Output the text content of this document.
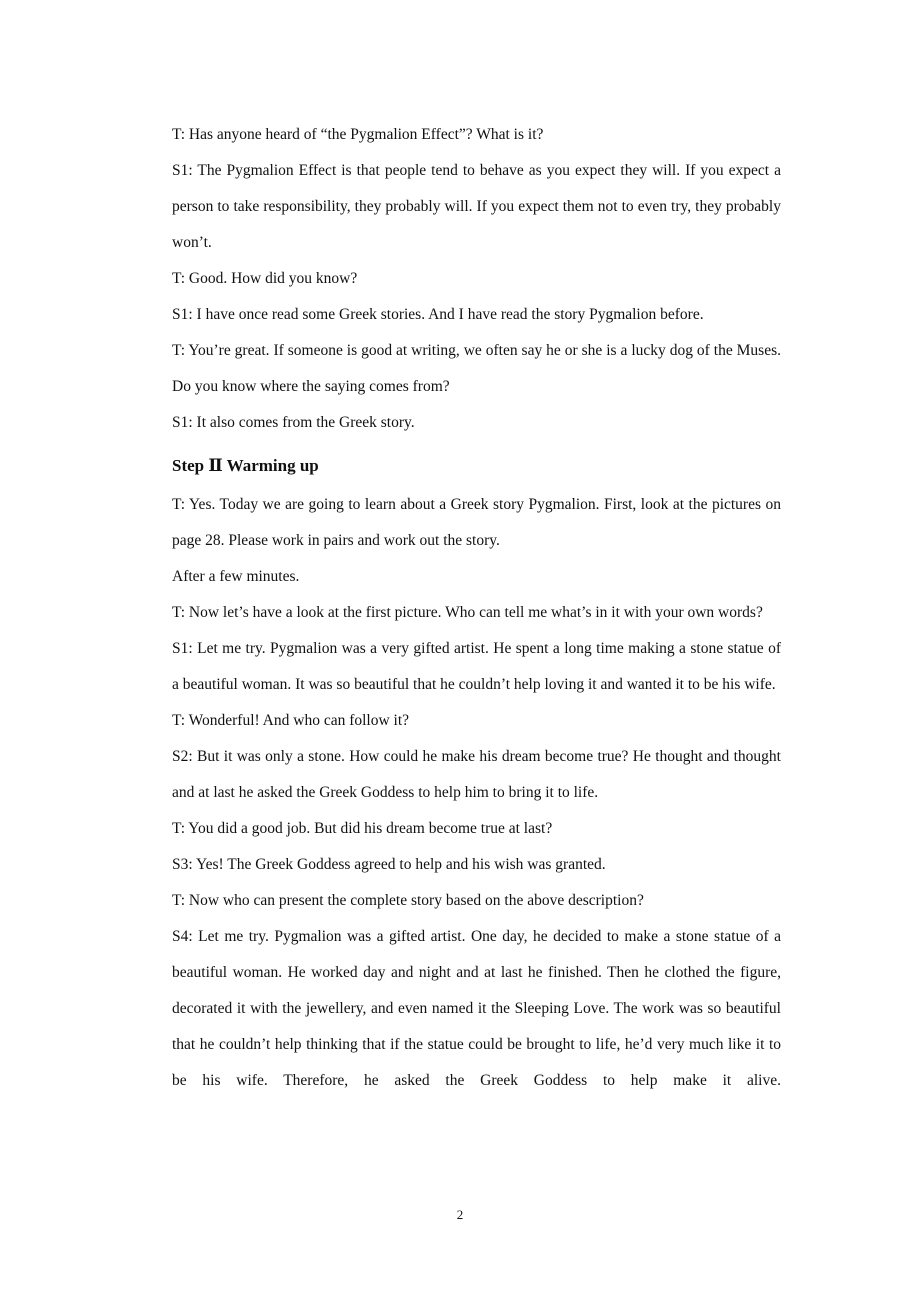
T: Has anyone heard of “the Pygmalion Effect”? What is it?

S1: The Pygmalion Effect is that people tend to behave as you expect they will. If you expect a person to take responsibility, they probably will. If you expect them not to even try, they probably won’t.

T: Good. How did you know?

S1: I have once read some Greek stories. And I have read the story Pygmalion before.

T: You’re great. If someone is good at writing, we often say he or she is a lucky dog of the Muses. Do you know where the saying comes from?

S1: It also comes from the Greek story.

Step Ⅱ Warming up

T: Yes. Today we are going to learn about a Greek story Pygmalion. First, look at the pictures on page 28. Please work in pairs and work out the story.

After a few minutes.

T: Now let’s have a look at the first picture. Who can tell me what’s in it with your own words?

S1: Let me try. Pygmalion was a very gifted artist. He spent a long time making a stone statue of a beautiful woman. It was so beautiful that he couldn’t help loving it and wanted it to be his wife.

T: Wonderful! And who can follow it?

S2: But it was only a stone. How could he make his dream become true? He thought and thought and at last he asked the Greek Goddess to help him to bring it to life.

T: You did a good job. But did his dream become true at last?

S3: Yes! The Greek Goddess agreed to help and his wish was granted.

T: Now who can present the complete story based on the above description?

S4: Let me try. Pygmalion was a gifted artist. One day, he decided to make a stone statue of a beautiful woman. He worked day and night and at last he finished. Then he clothed the figure, decorated it with the jewellery, and even named it the Sleeping Love. The work was so beautiful that he couldn’t help thinking that if the statue could be brought to life, he’d very much like it to be his wife. Therefore, he asked the Greek Goddess to help make it alive.

2
